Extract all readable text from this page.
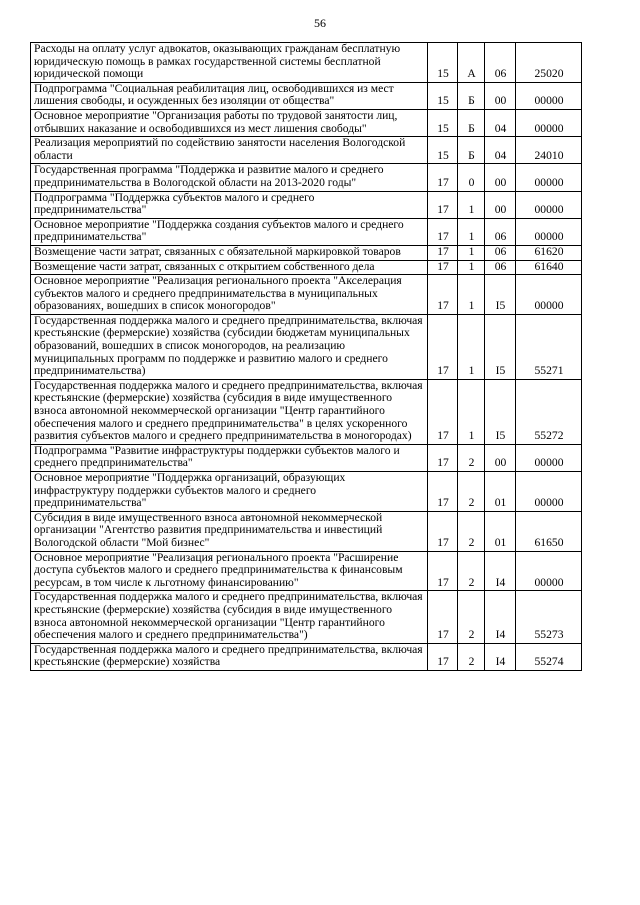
56
Расходы на оплату услуг адвокатов, оказывающих гражданам бесплатную юридическую помощь в рамках государственной системы бесплатной юридической помощи	15	А	06	25020
Подпрограмма "Социальная реабилитация лиц, освободившихся из мест лишения свободы, и осужденных без изоляции от общества"	15	Б	00	00000
Основное мероприятие "Организация работы по трудовой занятости лиц, отбывших наказание и освободившихся из мест лишения свободы"	15	Б	04	00000
Реализация мероприятий по содействию занятости населения Вологодской области	15	Б	04	24010
Государственная программа "Поддержка и развитие малого и среднего предпринимательства в Вологодской области на 2013-2020 годы"	17	0	00	00000
Подпрограмма "Поддержка субъектов малого и среднего предпринимательства"	17	1	00	00000
Основное мероприятие "Поддержка создания субъектов малого и среднего предпринимательства"	17	1	06	00000
Возмещение части затрат, связанных с обязательной маркировкой товаров	17	1	06	61620
Возмещение части затрат, связанных с открытием собственного дела	17	1	06	61640
Основное мероприятие "Реализация регионального проекта "Акселерация субъектов малого и среднего предпринимательства в муниципальных образованиях, вошедших в список моногородов"	17	1	I5	00000
Государственная поддержка малого и среднего предпринимательства, включая крестьянские (фермерские) хозяйства (субсидии бюджетам муниципальных образований, вошедших в список моногородов, на реализацию муниципальных программ по поддержке и развитию малого и среднего предпринимательства)	17	1	I5	55271
Государственная поддержка малого и среднего предпринимательства, включая крестьянские (фермерские) хозяйства (субсидия в виде имущественного взноса автономной некоммерческой организации "Центр гарантийного обеспечения малого и среднего предпринимательства" в целях ускоренного развития субъектов малого и среднего предпринимательства в моногородах)	17	1	I5	55272
Подпрограмма "Развитие инфраструктуры поддержки субъектов малого и среднего предпринимательства"	17	2	00	00000
Основное мероприятие "Поддержка организаций, образующих инфраструктуру поддержки субъектов малого и среднего предпринимательства"	17	2	01	00000
Субсидия в виде имущественного взноса автономной некоммерческой организации "Агентство развития предпринимательства и инвестиций Вологодской области "Мой бизнес"	17	2	01	61650
Основное мероприятие "Реализация регионального проекта "Расширение доступа субъектов малого и среднего предпринимательства к финансовым ресурсам, в том числе к льготному финансированию"	17	2	I4	00000
Государственная поддержка малого и среднего предпринимательства, включая крестьянские (фермерские) хозяйства (субсидия в виде имущественного взноса автономной некоммерческой организации "Центр гарантийного обеспечения малого и среднего предпринимательства")	17	2	I4	55273
Государственная поддержка малого и среднего предпринимательства, включая крестьянские (фермерские) хозяйства	17	2	I4	55274
